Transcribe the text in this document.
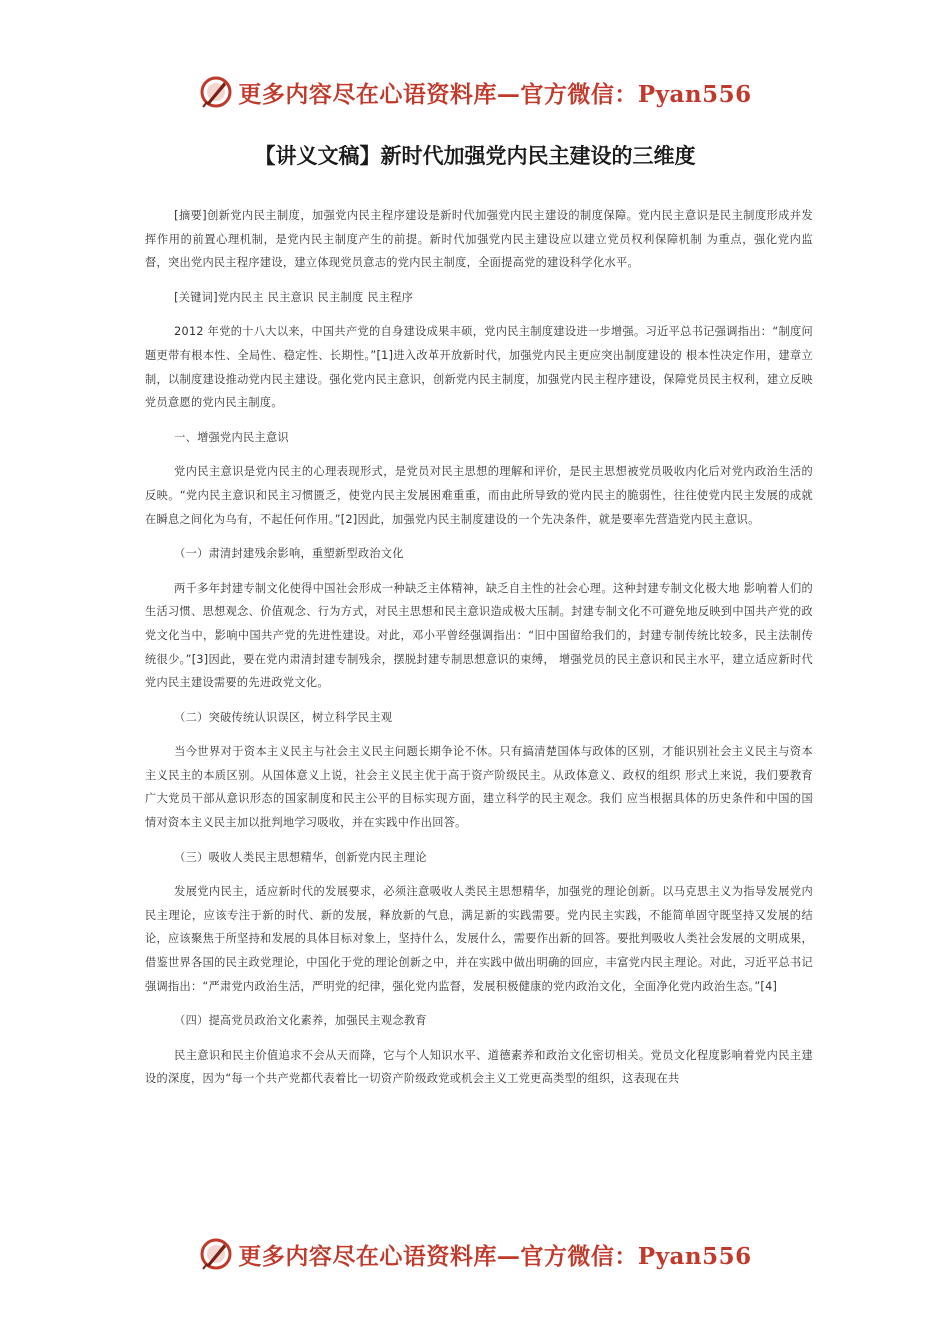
更多内容尽在心语资料库—官方微信：Pyan556
【讲义文稿】新时代加强党内民主建设的三维度

[摘要]创新党内民主制度，加强党内民主程序建设是新时代加强党内民主建设的制度保障。党内民主意识是民主制度形成并发挥作用的前置心理机制，是党内民主制度产生的前提。新时代加强党内民主建设应以建立党员权利保障机制 为重点，强化党内监督，突出党内民主程序建设，建立体现党员意志的党内民主制度，全面提高党的建设科学化水平。

[关键词]党内民主 民主意识 民主制度 民主程序

2012 年党的十八大以来，中国共产党的自身建设成果丰硕，党内民主制度建设进一步增强。习近平总书记强调指出：“制度问题更带有根本性、全局性、稳定性、长期性。”[1]进入改革开放新时代，加强党内民主更应突出制度建设的 根本性决定作用，建章立制，以制度建设推动党内民主建设。强化党内民主意识，创新党内民主制度，加强党内民主程序建设，保障党员民主权利，建立反映党员意愿的党内民主制度。

一、增强党内民主意识

党内民主意识是党内民主的心理表现形式，是党员对民主思想的理解和评价，是民主思想被党员吸收内化后对党内政治生活的反映。“党内民主意识和民主习惯匮乏，使党内民主发展困难重重，而由此所导致的党内民主的脆弱性，往往使党内民主发展的成就在瞬息之间化为乌有，不起任何作用。”[2]因此，加强党内民主制度建设的一个先决条件，就是要率先营造党内民主意识。

（一）肃清封建残余影响，重塑新型政治文化

两千多年封建专制文化使得中国社会形成一种缺乏主体精神，缺乏自主性的社会心理。这种封建专制文化极大地 影响着人们的生活习惯、思想观念、价值观念、行为方式，对民主思想和民主意识造成极大压制。封建专制文化不可避免地反映到中国共产党的政党文化当中，影响中国共产党的先进性建设。对此，邓小平曾经强调指出：“旧中国留给我们的，封建专制传统比较多，民主法制传统很少。”[3]因此，要在党内肃清封建专制残余，摆脱封建专制思想意识的束缚， 增强党员的民主意识和民主水平，建立适应新时代党内民主建设需要的先进政党文化。

（二）突破传统认识误区，树立科学民主观

当今世界对于资本主义民主与社会主义民主问题长期争论不休。只有搞清楚国体与政体的区别，才能识别社会主义民主与资本主义民主的本质区别。从国体意义上说，社会主义民主优于高于资产阶级民主。从政体意义、政权的组织 形式上来说，我们要教育广大党员干部从意识形态的国家制度和民主公平的目标实现方面，建立科学的民主观念。我们 应当根据具体的历史条件和中国的国情对资本主义民主加以批判地学习吸收，并在实践中作出回答。

（三）吸收人类民主思想精华，创新党内民主理论

发展党内民主，适应新时代的发展要求，必须注意吸收人类民主思想精华，加强党的理论创新。以马克思主义为指导发展党内民主理论，应该专注于新的时代、新的发展，释放新的气息，满足新的实践需要。党内民主实践，不能简单固守既坚持又发展的结论，应该聚焦于所坚持和发展的具体目标对象上，坚持什么，发展什么，需要作出新的回答。要批判吸收人类社会发展的文明成果，借鉴世界各国的民主政党理论，中国化于党的理论创新之中，并在实践中做出明确的回应，丰富党内民主理论。对此，习近平总书记强调指出：“严肃党内政治生活，严明党的纪律，强化党内监督，发展积极健康的党内政治文化，全面净化党内政治生态。”[4]

（四）提高党员政治文化素养，加强民主观念教育

民主意识和民主价值追求不会从天而降，它与个人知识水平、道德素养和政治文化密切相关。党员文化程度影响着党内民主建设的深度，因为“每一个共产党都代表着比一切资产阶级政党或机会主义工党更高类型的组织，这表现在共

更多内容尽在心语资料库—官方微信：Pyan556
